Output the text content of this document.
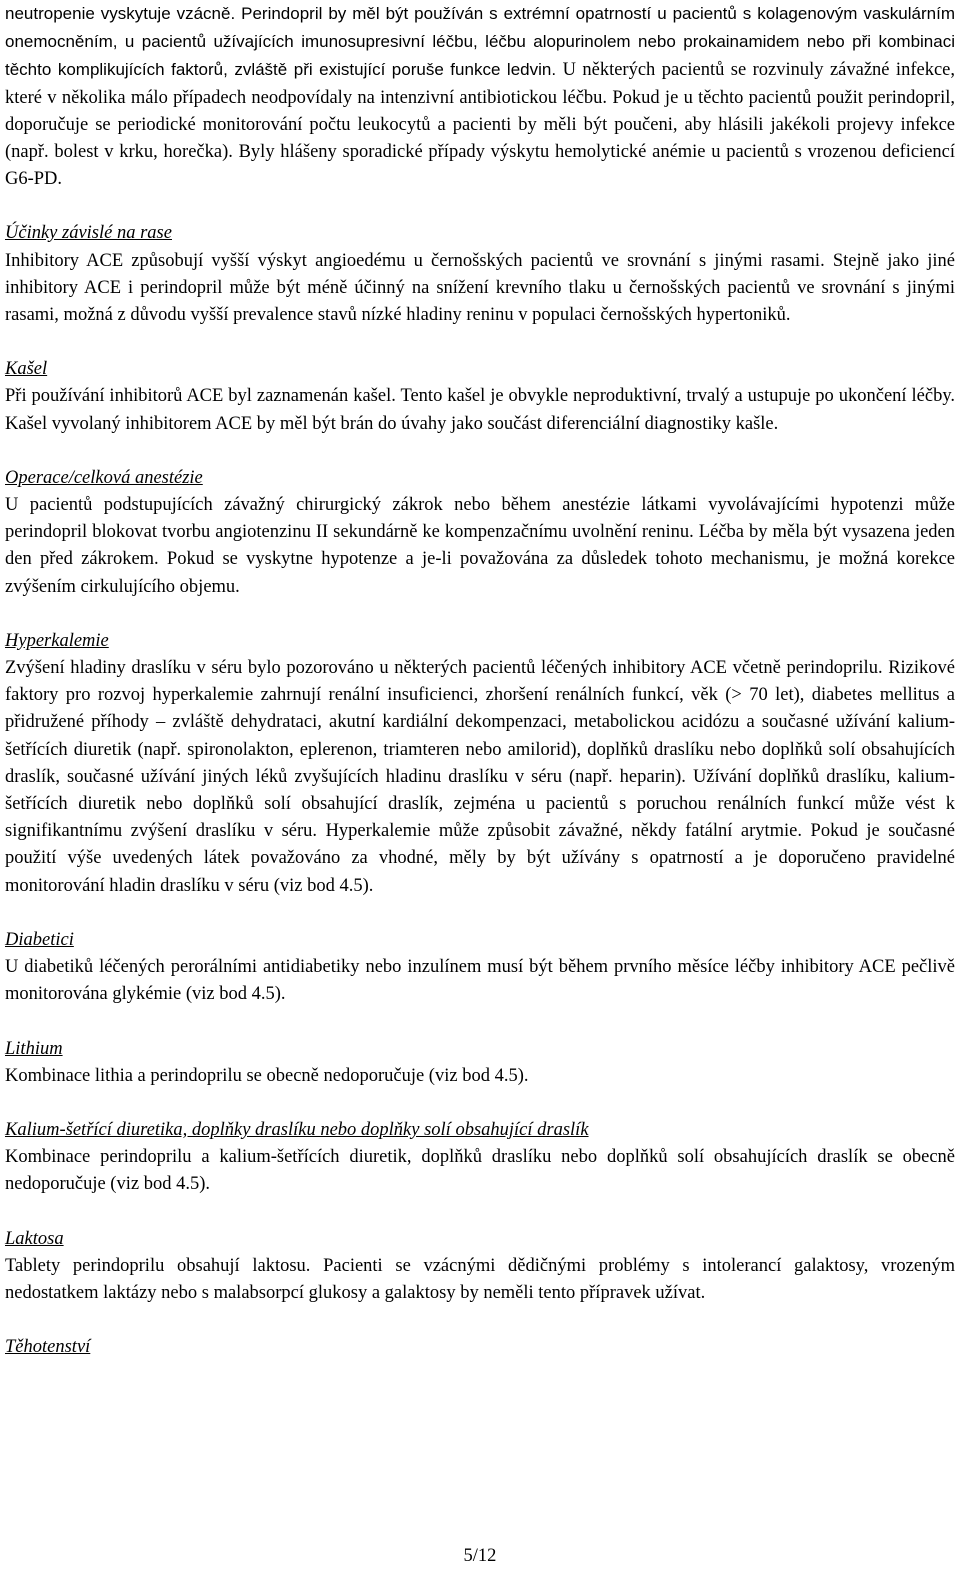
neutropenie vyskytuje vzácně. Perindopril by měl být používán s extrémní opatrností u pacientů s kolagenovým vaskulárním onemocněním, u pacientů užívajících imunosupresivní léčbu, léčbu alopurinolem nebo prokainamidem nebo při kombinaci těchto komplikujících faktorů, zvláště při existující poruše funkce ledvin. U některých pacientů se rozvinuly závažné infekce, které v několika málo případech neodpovídaly na intenzivní antibiotickou léčbu. Pokud je u těchto pacientů použit perindopril, doporučuje se periodické monitorování počtu leukocytů a pacienti by měli být poučeni, aby hlásili jakékoli projevy infekce (např. bolest v krku, horečka). Byly hlášeny sporadické případy výskytu hemolytické anémie u pacientů s vrozenou deficiencí G6-PD.

Účinky závislé na rase

Inhibitory ACE způsobují vyšší výskyt angioedému u černošských pacientů ve srovnání s jinými rasami. Stejně jako jiné inhibitory ACE i perindopril může být méně účinný na snížení krevního tlaku u černošských pacientů ve srovnání s jinými rasami, možná z důvodu vyšší prevalence stavů nízké hladiny reninu v populaci černošských hypertoniků.

Kašel

Při používání inhibitorů ACE byl zaznamenán kašel. Tento kašel je obvykle neproduktivní, trvalý a ustupuje po ukončení léčby. Kašel vyvolaný inhibitorem ACE by měl být brán do úvahy jako součást diferenciální diagnostiky kašle.

Operace/celková anestézie

U pacientů podstupujících závažný chirurgický zákrok nebo během anestézie látkami vyvolávajícími hypotenzi může perindopril blokovat tvorbu angiotenzinu II sekundárně ke kompenzačnímu uvolnění reninu. Léčba by měla být vysazena jeden den před zákrokem. Pokud se vyskytne hypotenze a je-li považována za důsledek tohoto mechanismu, je možná korekce zvýšením cirkulujícího objemu.

Hyperkalemie

Zvýšení hladiny draslíku v séru bylo pozorováno u některých pacientů léčených inhibitory ACE včetně perindoprilu. Rizikové faktory pro rozvoj hyperkalemie zahrnují renální insuficienci, zhoršení renálních funkcí, věk (> 70 let), diabetes mellitus a přidružené příhody – zvláště dehydrataci, akutní kardiální dekompenzaci, metabolickou acidózu a současné užívání kalium-šetřících diuretik (např. spironolakton, eplerenon, triamteren nebo amilorid), doplňků draslíku nebo doplňků solí obsahujících draslík, současné užívání jiných léků zvyšujících hladinu draslíku v séru (např. heparin). Užívání doplňků draslíku, kalium-šetřících diuretik nebo doplňků solí obsahující draslík, zejména u pacientů s poruchou renálních funkcí může vést k signifikantnímu zvýšení draslíku v séru. Hyperkalemie může způsobit závažné, někdy fatální arytmie. Pokud je současné použití výše uvedených látek považováno za vhodné, měly by být užívány s opatrností a je doporučeno pravidelné monitorování hladin draslíku v séru (viz bod 4.5).

Diabetici

U diabetiků léčených perorálními antidiabetiky nebo inzulínem musí být během prvního měsíce léčby inhibitory ACE pečlivě monitorována glykémie (viz bod 4.5).

Lithium

Kombinace lithia a perindoprilu se obecně nedoporučuje (viz bod 4.5).

Kalium-šetřící diuretika, doplňky draslíku nebo doplňky solí obsahující draslík

Kombinace perindoprilu a kalium-šetřících diuretik, doplňků draslíku nebo doplňků solí obsahujících draslík se obecně nedoporučuje (viz bod 4.5).

Laktosa

Tablety perindoprilu obsahují laktosu. Pacienti se vzácnými dědičnými problémy s intolerancí galaktosy, vrozeným nedostatkem laktázy nebo s malabsorpcí glukosy a galaktosy by neměli tento přípravek užívat.

Těhotenství

5/12
